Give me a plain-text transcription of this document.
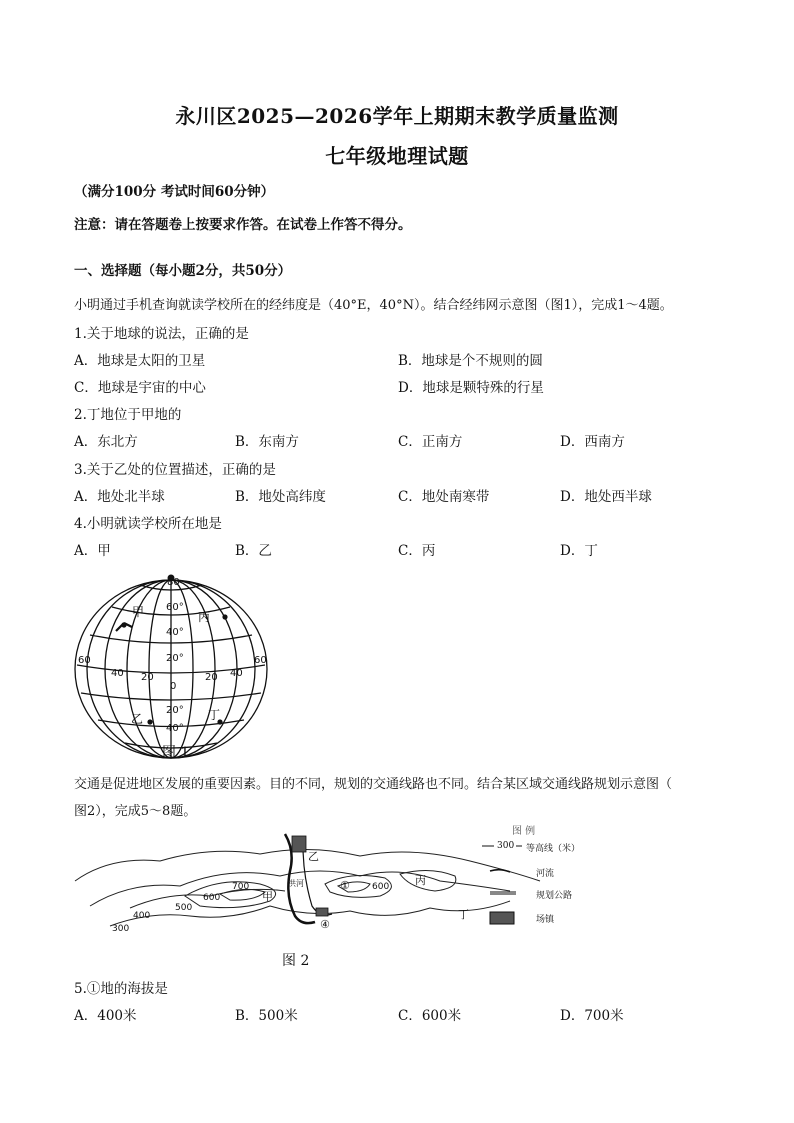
永川区2025—2026学年上期期末教学质量监测
七年级地理试题
（满分100分 考试时间60分钟）
注意：请在答题卷上按要求作答。在试卷上作答不得分。
一、选择题（每小题2分，共50分）
小明通过手机查询就读学校所在的经纬度是（40°E，40°N）。结合经纬网示意图（图1），完成1～4题。
1.关于地球的说法，正确的是
A．地球是太阳的卫星	B．地球是个不规则的圆
C．地球是宇宙的中心	D．地球是颗特殊的行星
2.丁地位于甲地的
A．东北方	B．东南方	C．正南方	D．西南方
3.关于乙处的位置描述，正确的是
A．地处北半球	B．地处高纬度	C．地处南寒带	D．地处西半球
4.小明就读学校所在地是
A．甲	B．乙	C．丙	D．丁
80
60°
40°
20°
0
20°
40°
60
40 20	20 40
60
甲	丙
乙	丁
图 1
交通是促进地区发展的重要因素。目的不同，规划的交通线路也不同。结合某区域交通线路规划示意图（
图2），完成5～8题。
700
600
500
400
300
600
乙
丙
丁
甲
①
④
洪河
图 例
300 等高线（米）
河流
规划公路
场镇
图 2
5.①地的海拔是
A．400米	B．500米	C．600米	D．700米
